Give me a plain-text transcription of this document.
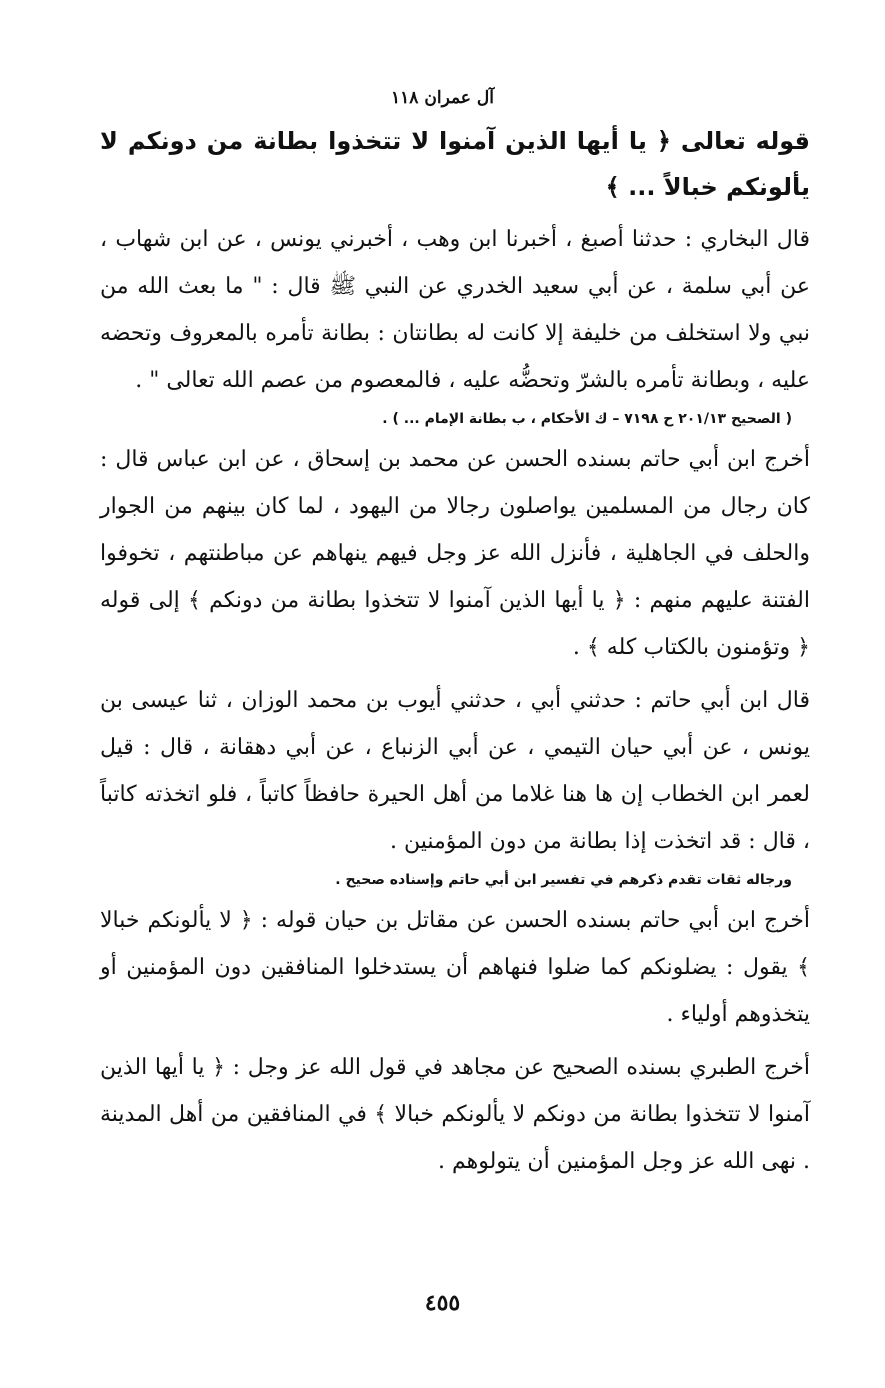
آل عمران ١١٨

قوله تعالى ﴿ يا أيها الذين آمنوا لا تتخذوا بطانة من دونكم لا يألونكم خبالاً ... ﴾

قال البخاري : حدثنا أصبغ ، أخبرنا ابن وهب ، أخبرني يونس ، عن ابن شهاب ، عن أبي سلمة ، عن أبي سعيد الخدري عن النبي ﷺ قال : " ما بعث الله من نبي ولا استخلف من خليفة إلا كانت له بطانتان : بطانة تأمره بالمعروف وتحضه عليه ، وبطانة تأمره بالشرّ وتحضُّه عليه ، فالمعصوم من عصم الله تعالى " .

( الصحيح ٢٠١/١٣ ح ٧١٩٨ – ك الأحكام ، ب بطانة الإمام ... ) .

أخرج ابن أبي حاتم بسنده الحسن عن محمد بن إسحاق ، عن ابن عباس قال : كان رجال من المسلمين يواصلون رجالا من اليهود ، لما كان بينهم من الجوار والحلف في الجاهلية ، فأنزل الله عز وجل فيهم ينهاهم عن مباطنتهم ، تخوفوا الفتنة عليهم منهم : ﴿ يا أيها الذين آمنوا لا تتخذوا بطانة من دونكم ﴾ إلى قوله ﴿ وتؤمنون بالكتاب كله ﴾ .

قال ابن أبي حاتم : حدثني أبي ، حدثني أيوب بن محمد الوزان ، ثنا عيسى بن يونس ، عن أبي حيان التيمي ، عن أبي الزنباع ، عن أبي دهقانة ، قال : قيل لعمر ابن الخطاب إن ها هنا غلاما من أهل الحيرة حافظاً كاتباً ، فلو اتخذته كاتباً ، قال : قد اتخذت إذا بطانة من دون المؤمنين .

ورجاله ثقات تقدم ذكرهم في تفسير ابن أبي حاتم وإسناده صحيح .

أخرج ابن أبي حاتم بسنده الحسن عن مقاتل بن حيان قوله : ﴿ لا يألونكم خبالا ﴾ يقول : يضلونكم كما ضلوا فنهاهم أن يستدخلوا المنافقين دون المؤمنين أو يتخذوهم أولياء .

أخرج الطبري بسنده الصحيح عن مجاهد في قول الله عز وجل : ﴿ يا أيها الذين آمنوا لا تتخذوا بطانة من دونكم لا يألونكم خبالا ﴾ في المنافقين من أهل المدينة . نهى الله عز وجل المؤمنين أن يتولوهم .

٤٥٥
